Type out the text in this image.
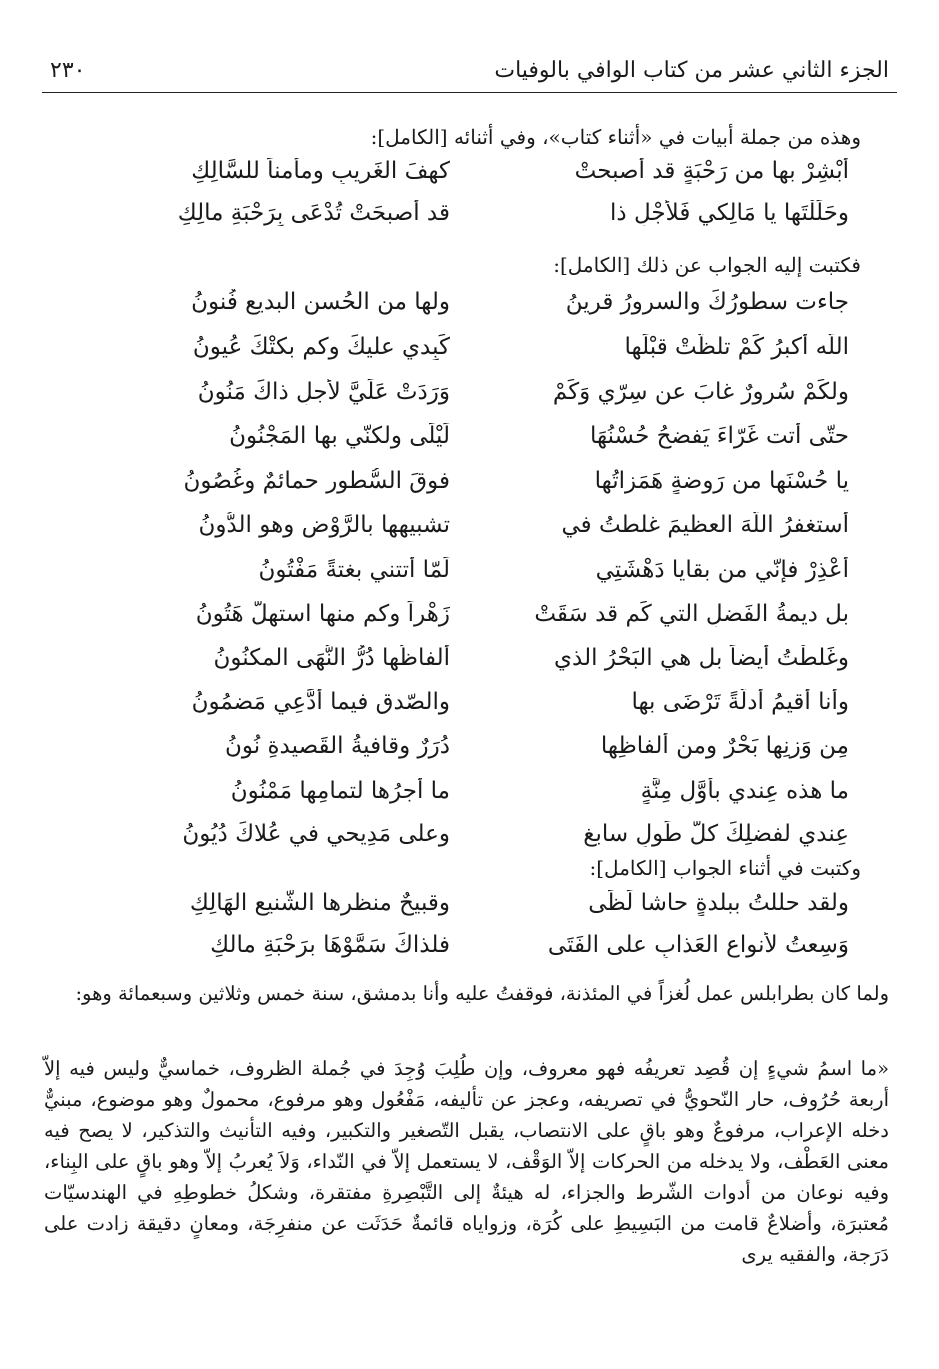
الجزء الثاني عشر من كتاب الوافي بالوفيات
٢٣٠
وهذه من جملة أبيات في «أثناء كتاب»، وفي أثنائه [الكامل]:
أبْشِرْ بها من رَحْبَةٍ قد أصبحتْ
كهفَ الغَريبِ ومأمناً للسَّالِكِ
وحَلَلْتَها يا مَالِكي فَلأَجْلِ ذا
قد أصبحَتْ تُدْعَى بِرَحْبَةِ مالِكِ
فكتبت إليه الجواب عن ذلك [الكامل]:
جاءت سطورُكَ والسرورُ قرينُ
ولها من الحُسنِ البديعِ فُنونُ
اللَّه أكبرُ كَمْ تلظَّتْ قبْلَها
كَبِدي عليكَ وكم بكتْكَ عُيونُ
ولكَمْ سُرورٌ غابَ عن سِرّي وَكَمْ
وَرَدَتْ عَلَيَّ لأجلِ ذاكَ مَنُونُ
حتّى أتت غَرّاءَ يَفضحُ حُسْنُهَا
لَيْلَى ولكنّي بها المَجْنُونُ
يا حُسْنَها من رَوضةٍ هَمَزاتُها
فوقَ السُّطورِ حمائمٌ وغُصُونُ
أستغفرُ اللّهَ العظيمَ غلطتُ في
تشبيهها بالرَّوْضِ وهو الدُّونُ
أَعْذِرْ فإنّي من بقايا دَهْشَتِي
لَمّا أتتني بغتةً مَفْتُونُ
بل ديمةُ الفَضلِ التي كَم قد سَقَتْ
زَهْراً وكم منها استهلَّ هَتُونُ
وغَلطْتُ أيضاً بل هي البَحْرُ الذي
ألفاظُها دُرُّ النُّهَى المكنُونُ
وأنا أُقيمُ أدلَّةً تَرْضَى بها
والصّدقِ فيما أدَّعِي مَضمُونُ
مِن وَزنِها بَحْرٌ ومن ألفاظِها
دُرَرٌ وقافيةُ القَصيدةِ نُونُ
ما هذه عِندي بأوَّلِ مِنَّةٍ
ما أجرُها لتمامِها مَمْنُونُ
عِندي لفضلِكَ كلُّ طَولٍ سابغٍ
وعلى مَدِيحي في عُلاكَ دُيُونُ
وكتبت في أثناء الجواب [الكامل]:
ولقد حللتُ ببلدةٍ حاشا لَظَى
وقبيحٌ منظرها الشَّنيعِ الهَالِكِ
وَسِعتُ لأنواعِ العَذابِ على الفَتَى
فلذاكَ سَمَّوْهَا برَحْبَةِ مالكِ
ولما كان بطرابلس عمل لُغزاً في المئذنة، فوقفتُ عليه وأنا بدمشق، سنة خمس وثلاثين وسبعمائة وهو:
«ما اسمُ شيءٍ إن قُصِد تعريفُه فهو معروف، وإن طُلِبَ وُجِدَ في جُملة الظروف، خماسيٌّ وليس فيه إلاّ أربعة حُرُوف، حار النّحويُّ في تصريفه، وعجز عن تأليفه، مَفْعُول وهو مرفوع، محمولٌ وهو موضوع، مبنيٌّ دخله الإعراب، مرفوعٌ وهو باقٍ على الانتصاب، يقبل التّصغير والتكبير، وفيه التأنيث والتذكير، لا يصح فيه معنى العَطْف، ولا يدخله من الحركات إلاّ الوَقْف، لا يستعمل إلاّ في النّداء، وَلاَ يُعربُ إلاّ وهو باقٍ على البِناء، وفيه نوعان من أدوات الشّرط والجزاء، له هيئةٌ إلى التَّبْصِرةِ مفتقرة، وشكلُ خطوطِهِ في الهندسيّات مُعتبرَة، وأضلاعٌ قامت من البَسِيطِ على كُرَة، وزواياه قائمةٌ حَدَثَت عن منفرِجَة، ومعانٍ دقيقة زادت على دَرَجة، والفقيه يرى
